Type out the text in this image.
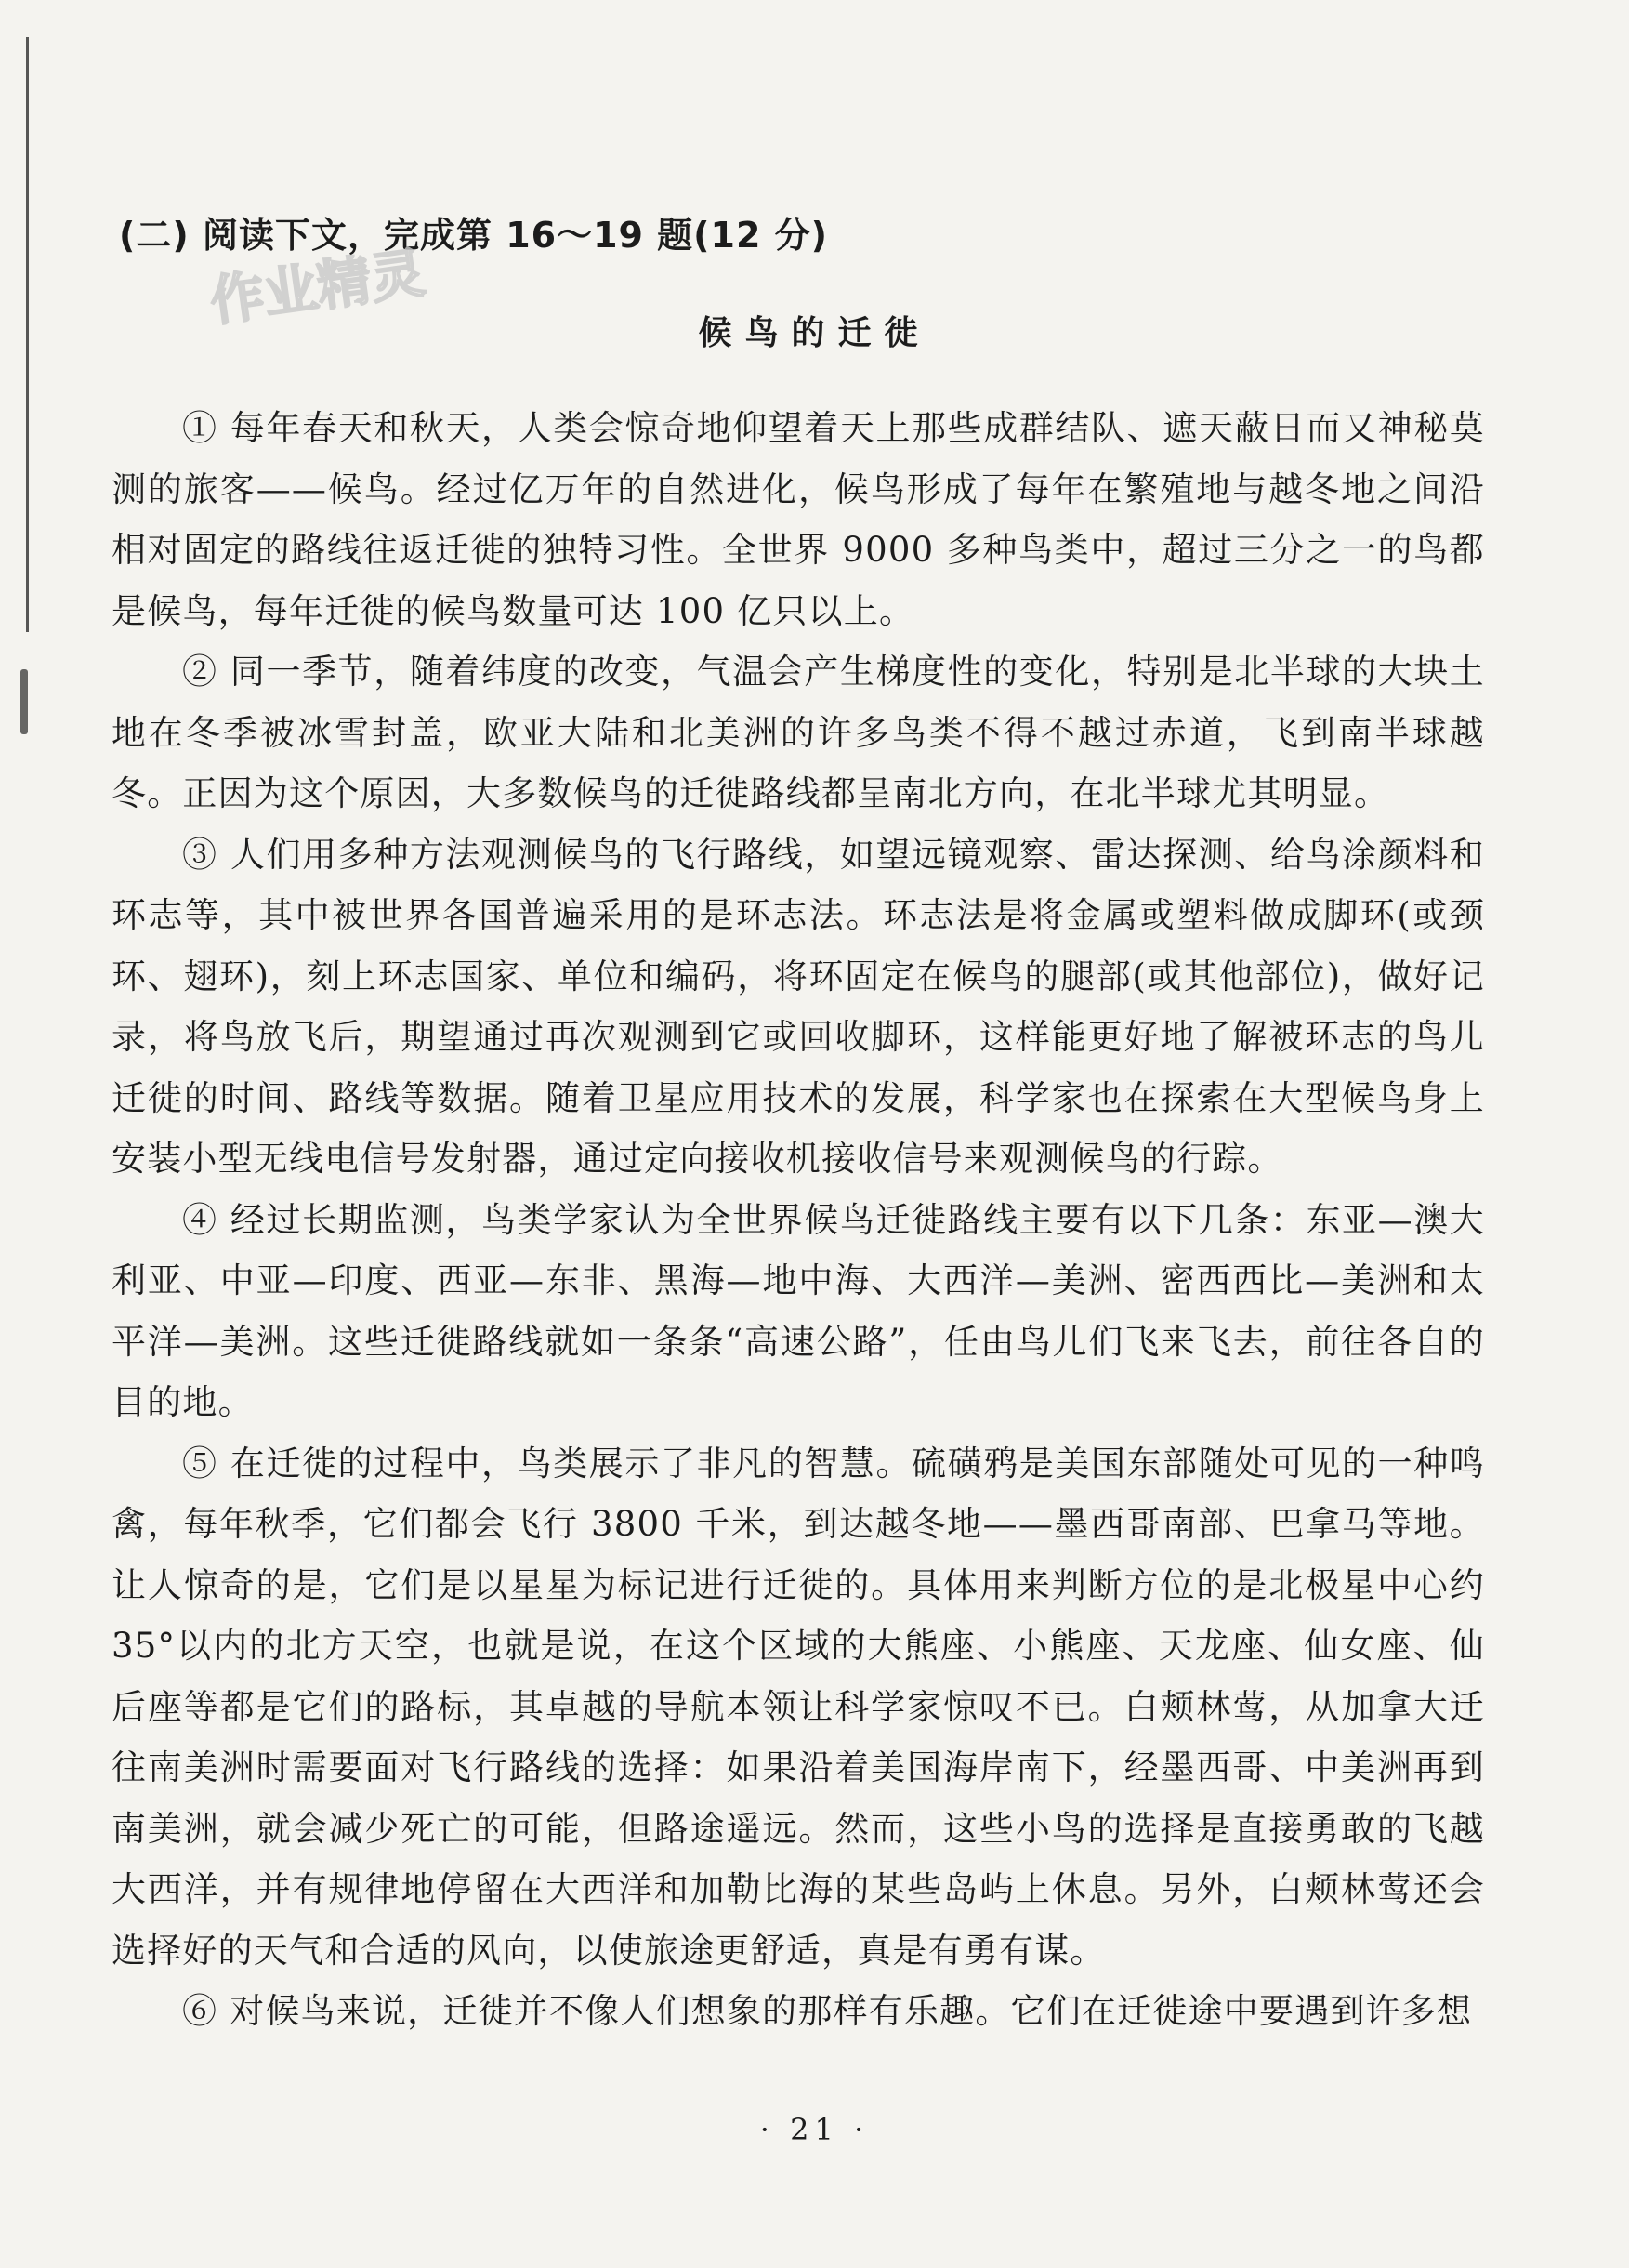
(二) 阅读下文，完成第 16～19 题(12 分)
作业精灵	候鸟的迁徙

① 每年春天和秋天，人类会惊奇地仰望着天上那些成群结队、遮天蔽日而又神秘莫测的旅客——候鸟。经过亿万年的自然进化，候鸟形成了每年在繁殖地与越冬地之间沿相对固定的路线往返迁徙的独特习性。全世界 9000 多种鸟类中，超过三分之一的鸟都是候鸟，每年迁徙的候鸟数量可达 100 亿只以上。

② 同一季节，随着纬度的改变，气温会产生梯度性的变化，特别是北半球的大块土地在冬季被冰雪封盖，欧亚大陆和北美洲的许多鸟类不得不越过赤道，飞到南半球越冬。正因为这个原因，大多数候鸟的迁徙路线都呈南北方向，在北半球尤其明显。

③ 人们用多种方法观测候鸟的飞行路线，如望远镜观察、雷达探测、给鸟涂颜料和环志等，其中被世界各国普遍采用的是环志法。环志法是将金属或塑料做成脚环(或颈环、翅环)，刻上环志国家、单位和编码，将环固定在候鸟的腿部(或其他部位)，做好记录，将鸟放飞后，期望通过再次观测到它或回收脚环，这样能更好地了解被环志的鸟儿迁徙的时间、路线等数据。随着卫星应用技术的发展，科学家也在探索在大型候鸟身上安装小型无线电信号发射器，通过定向接收机接收信号来观测候鸟的行踪。

④ 经过长期监测，鸟类学家认为全世界候鸟迁徙路线主要有以下几条：东亚—澳大利亚、中亚—印度、西亚—东非、黑海—地中海、大西洋—美洲、密西西比—美洲和太平洋—美洲。这些迁徙路线就如一条条“高速公路”，任由鸟儿们飞来飞去，前往各自的目的地。

⑤ 在迁徙的过程中，鸟类展示了非凡的智慧。硫磺鸦是美国东部随处可见的一种鸣禽，每年秋季，它们都会飞行 3800 千米，到达越冬地——墨西哥南部、巴拿马等地。让人惊奇的是，它们是以星星为标记进行迁徙的。具体用来判断方位的是北极星中心约 35°以内的北方天空，也就是说，在这个区域的大熊座、小熊座、天龙座、仙女座、仙后座等都是它们的路标，其卓越的导航本领让科学家惊叹不已。白颊林莺，从加拿大迁往南美洲时需要面对飞行路线的选择：如果沿着美国海岸南下，经墨西哥、中美洲再到南美洲，就会减少死亡的可能，但路途遥远。然而，这些小鸟的选择是直接勇敢的飞越大西洋，并有规律地停留在大西洋和加勒比海的某些岛屿上休息。另外，白颊林莺还会选择好的天气和合适的风向，以使旅途更舒适，真是有勇有谋。

⑥ 对候鸟来说，迁徙并不像人们想象的那样有乐趣。它们在迁徙途中要遇到许多想

· 21 ·
